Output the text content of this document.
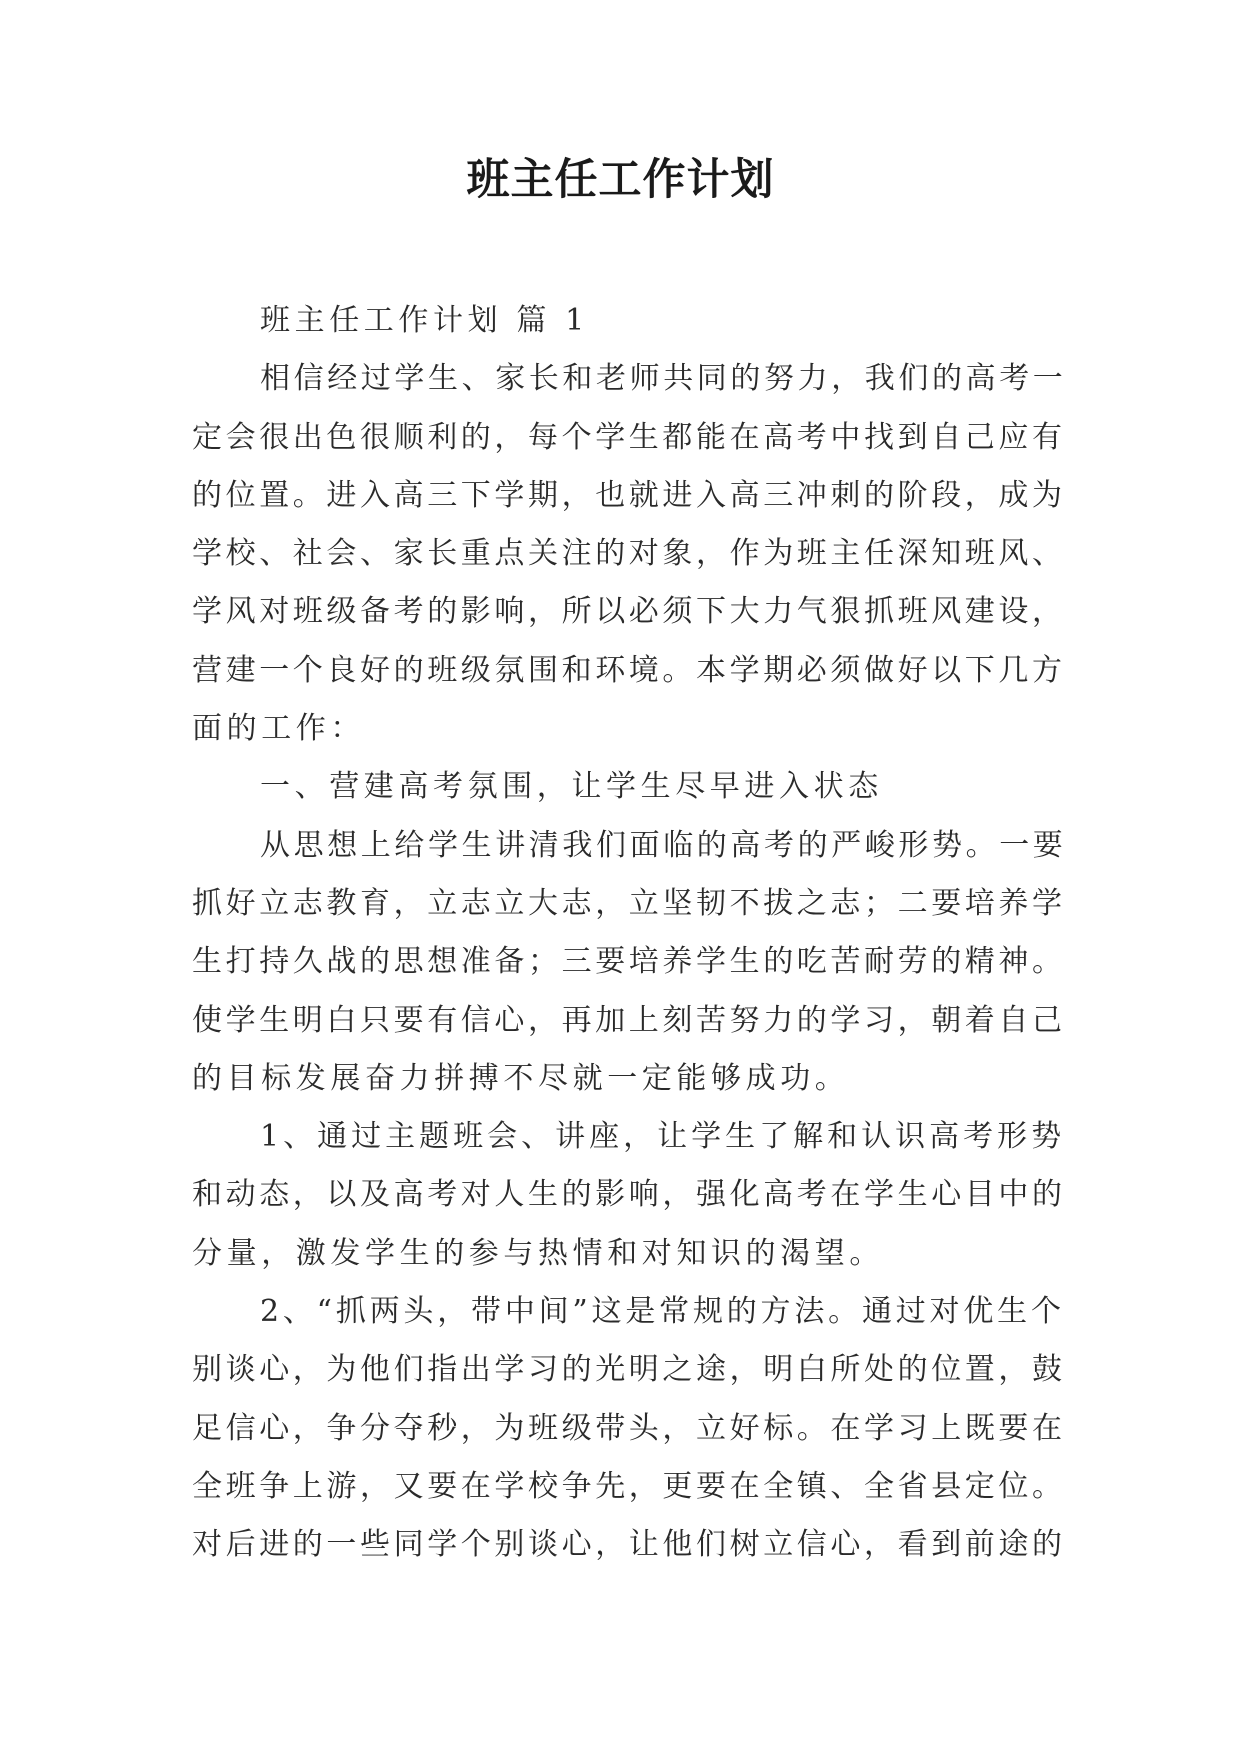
班主任工作计划

班主任工作计划 篇 1

相信经过学生、家长和老师共同的努力，我们的高考一

定会很出色很顺利的，每个学生都能在高考中找到自己应有

的位置。进入高三下学期，也就进入高三冲刺的阶段，成为

学校、社会、家长重点关注的对象，作为班主任深知班风、

学风对班级备考的影响，所以必须下大力气狠抓班风建设，

营建一个良好的班级氛围和环境。本学期必须做好以下几方

面的工作：

一、营建高考氛围，让学生尽早进入状态

从思想上给学生讲清我们面临的高考的严峻形势。一要

抓好立志教育，立志立大志，立坚韧不拔之志；二要培养学

生打持久战的思想准备；三要培养学生的吃苦耐劳的精神。

使学生明白只要有信心，再加上刻苦努力的学习，朝着自己

的目标发展奋力拼搏不尽就一定能够成功。

1、通过主题班会、讲座，让学生了解和认识高考形势

和动态，以及高考对人生的影响，强化高考在学生心目中的

分量，激发学生的参与热情和对知识的渴望。

2、“抓两头，带中间”这是常规的方法。通过对优生个

别谈心，为他们指出学习的光明之途，明白所处的位置，鼓

足信心，争分夺秒，为班级带头，立好标。在学习上既要在

全班争上游，又要在学校争先，更要在全镇、全省县定位。

对后进的一些同学个别谈心，让他们树立信心，看到前途的
